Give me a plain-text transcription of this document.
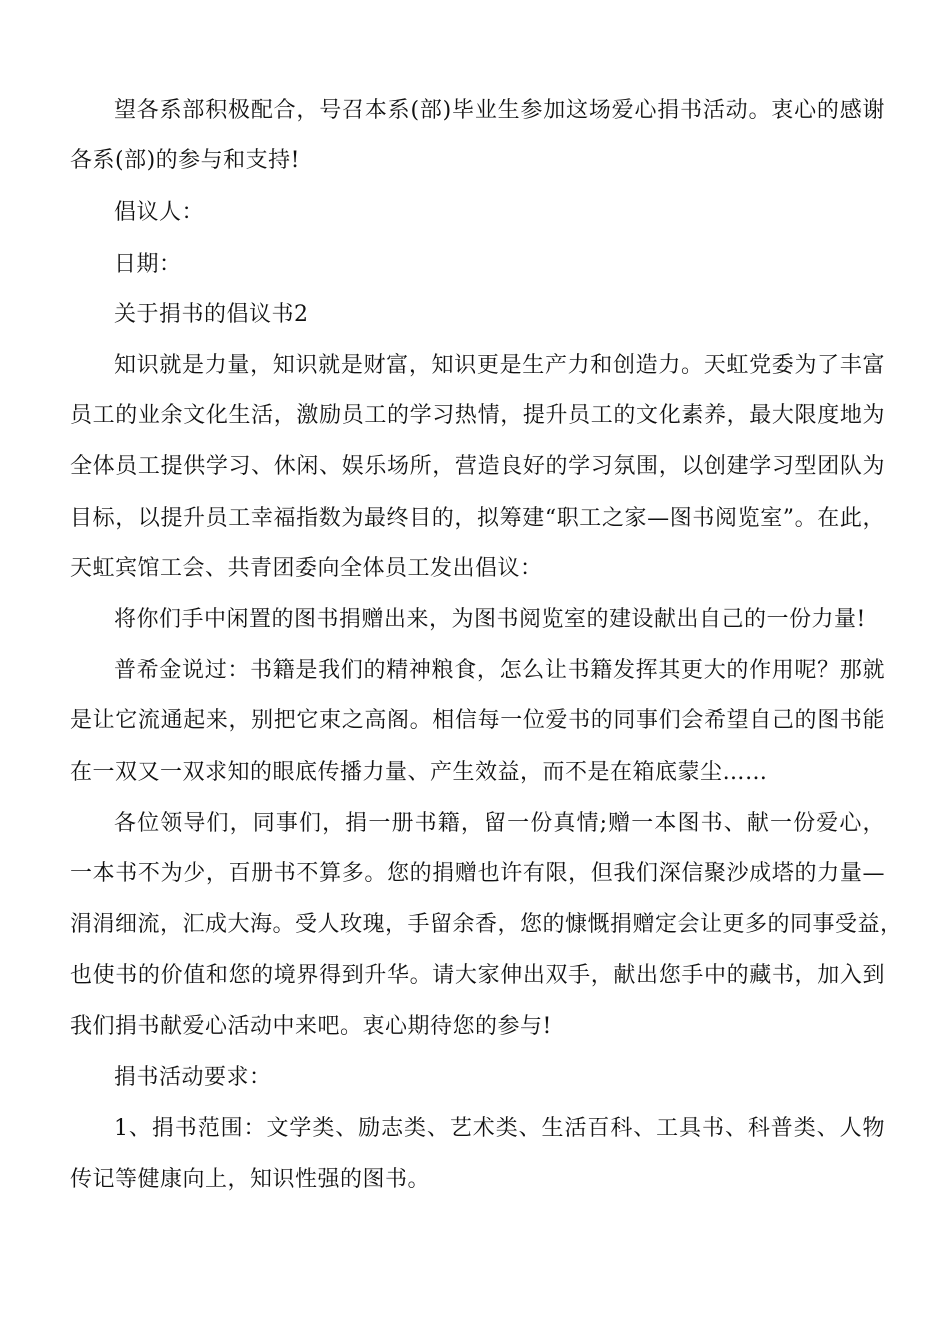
望各系部积极配合，号召本系(部)毕业生参加这场爱心捐书活动。衷心的感谢

各系(部)的参与和支持!

倡议人：

日期：

关于捐书的倡议书2

知识就是力量，知识就是财富，知识更是生产力和创造力。天虹党委为了丰富

员工的业余文化生活，激励员工的学习热情，提升员工的文化素养，最大限度地为

全体员工提供学习、休闲、娱乐场所，营造良好的学习氛围，以创建学习型团队为

目标，以提升员工幸福指数为最终目的，拟筹建“职工之家—图书阅览室”。在此，

天虹宾馆工会、共青团委向全体员工发出倡议：

将你们手中闲置的图书捐赠出来，为图书阅览室的建设献出自己的一份力量!

普希金说过：书籍是我们的精神粮食，怎么让书籍发挥其更大的作用呢？那就

是让它流通起来，别把它束之高阁。相信每一位爱书的同事们会希望自己的图书能

在一双又一双求知的眼底传播力量、产生效益，而不是在箱底蒙尘……

各位领导们，同事们，捐一册书籍，留一份真情;赠一本图书、献一份爱心，

一本书不为少，百册书不算多。您的捐赠也许有限，但我们深信聚沙成塔的力量—

涓涓细流，汇成大海。受人玫瑰，手留余香，您的慷慨捐赠定会让更多的同事受益，

也使书的价值和您的境界得到升华。请大家伸出双手，献出您手中的藏书，加入到

我们捐书献爱心活动中来吧。衷心期待您的参与!

捐书活动要求：

1、捐书范围：文学类、励志类、艺术类、生活百科、工具书、科普类、人物

传记等健康向上，知识性强的图书。
